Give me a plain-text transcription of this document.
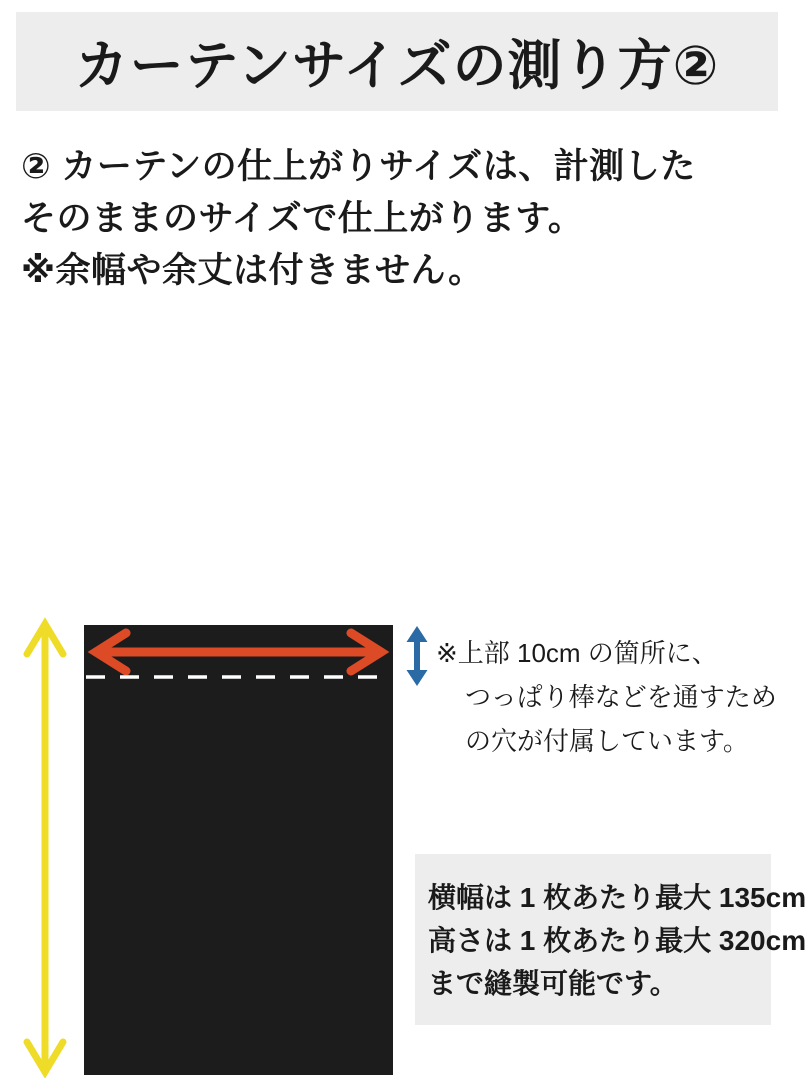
カーテンサイズの測り方②

② カーテンの仕上がりサイズは、計測した

そのままのサイズで仕上がります。

※余幅や余丈は付きません。

※上部 10cm の箇所に、

つっぱり棒などを通すため

の穴が付属しています。

横幅は 1 枚あたり最大 135cm

高さは 1 枚あたり最大 320cm

まで縫製可能です。
